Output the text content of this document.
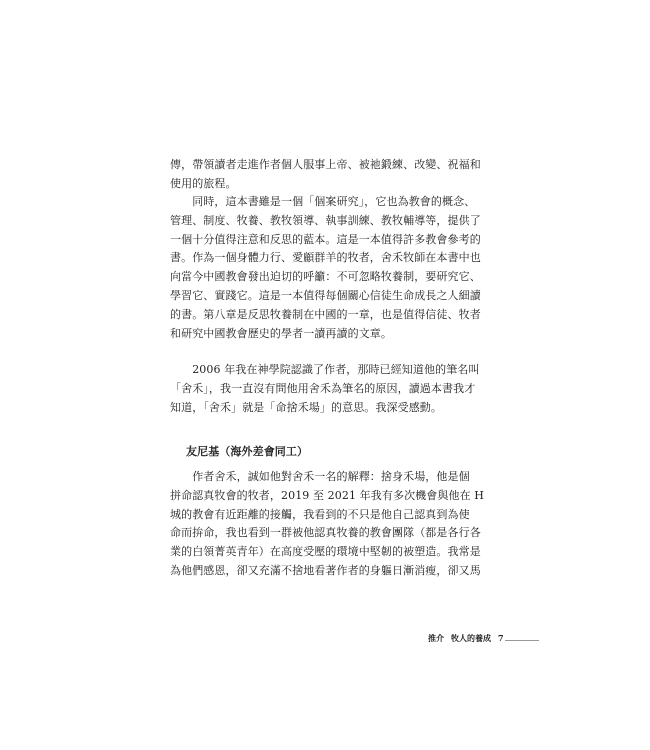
傳，帶領讀者走進作者個人服事上帝、被祂鍛練、改變、祝福和
使用的旅程。
　　同時，這本書雖是一個「個案研究」，它也為教會的概念、
管理、制度、牧養、教牧領導、執事訓練、教牧輔導等，提供了
一個十分值得注意和反思的藍本。這是一本值得許多教會參考的
書。作為一個身體力行、愛顧群羊的牧者，舍禾牧師在本書中也
向當今中國教會發出迫切的呼籲：不可忽略牧養制，要研究它、
學習它、實踐它。這是一本值得每個關心信徒生命成長之人細讀
的書。第八章是反思牧養制在中國的一章，也是值得信徒、牧者
和研究中國教會歷史的學者一讀再讀的文章。
　　2006 年我在神學院認識了作者，那時已經知道他的筆名叫
「舍禾」，我一直沒有問他用舍禾為筆名的原因，讀過本書我才
知道，「舍禾」就是「命捨禾場」的意思。我深受感動。
友尼基（海外差會同工）
　　作者舍禾，誠如他對舍禾一名的解釋：捨身禾場，他是個
拼命認真牧會的牧者，2019 至 2021 年我有多次機會與他在 H
城的教會有近距離的接觸，我看到的不只是他自己認真到為使
命而拚命，我也看到一群被他認真牧養的教會團隊（都是各行各
業的白領菁英青年）在高度受壓的環境中堅韌的被塑造。我常是
為他們感恩，卻又充滿不捨地看著作者的身軀日漸消瘦，卻又馬
推介 牧人的養成 7
